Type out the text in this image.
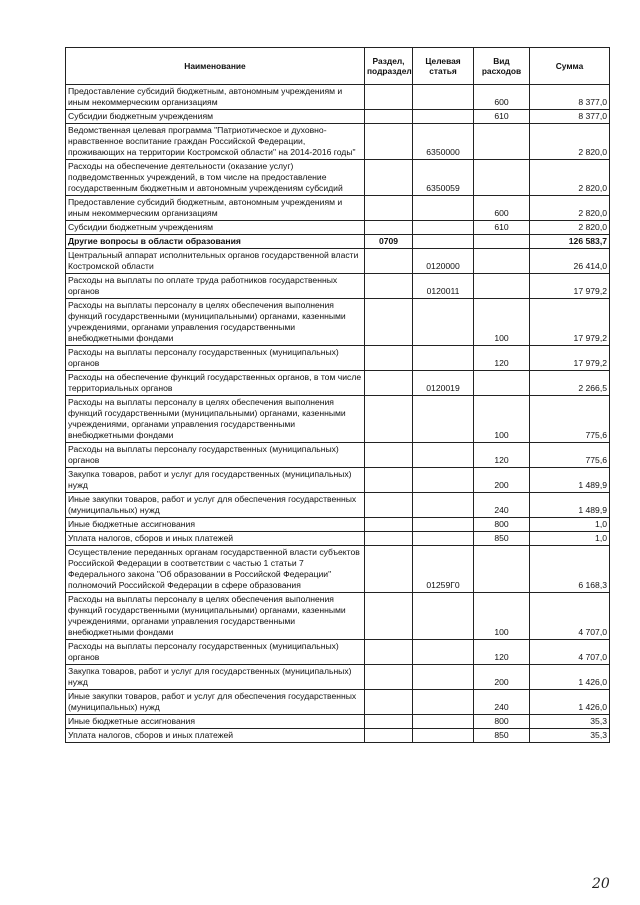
Наименование	Раздел, подраздел	Целевая статья	Вид расходов	Сумма
Предоставление субсидий бюджетным, автономным учреждениям и иным некоммерческим организациям			600	8 377,0
Субсидии бюджетным учреждениям			610	8 377,0
Ведомственная целевая программа "Патриотическое и духовно-нравственное воспитание граждан Российской Федерации, проживающих на территории Костромской области" на 2014-2016 годы"		6350000		2 820,0
Расходы на обеспечение деятельности (оказание услуг) подведомственных учреждений, в том числе на предоставление государственным бюджетным и автономным учреждениям субсидий		6350059		2 820,0
Предоставление субсидий бюджетным, автономным учреждениям и иным некоммерческим организациям			600	2 820,0
Субсидии бюджетным учреждениям			610	2 820,0
Другие вопросы в области образования	0709			126 583,7
Центральный аппарат исполнительных органов государственной власти Костромской области		0120000		26 414,0
Расходы на выплаты по оплате труда работников государственных органов		0120011		17 979,2
Расходы на выплаты персоналу в целях обеспечения выполнения функций государственными (муниципальными) органами, казенными учреждениями, органами управления государственными внебюджетными фондами			100	17 979,2
Расходы на выплаты персоналу государственных (муниципальных) органов			120	17 979,2
Расходы на обеспечение функций государственных органов, в том числе территориальных органов		0120019		2 266,5
Расходы на выплаты персоналу в целях обеспечения выполнения функций государственными (муниципальными) органами, казенными учреждениями, органами управления государственными внебюджетными фондами			100	775,6
Расходы на выплаты персоналу государственных (муниципальных) органов			120	775,6
Закупка товаров, работ и услуг для государственных (муниципальных) нужд			200	1 489,9
Иные закупки товаров, работ и услуг для обеспечения государственных (муниципальных) нужд			240	1 489,9
Иные бюджетные ассигнования			800	1,0
Уплата налогов, сборов и иных платежей			850	1,0
Осуществление переданных органам государственной власти субъектов Российской Федерации в соответствии с частью 1 статьи 7 Федерального закона "Об образовании в Российской Федерации" полномочий Российской Федерации в сфере образования		01259Г0		6 168,3
Расходы на выплаты персоналу в целях обеспечения выполнения функций государственными (муниципальными) органами, казенными учреждениями, органами управления государственными внебюджетными фондами			100	4 707,0
Расходы на выплаты персоналу государственных (муниципальных) органов			120	4 707,0
Закупка товаров, работ и услуг для государственных (муниципальных) нужд			200	1 426,0
Иные закупки товаров, работ и услуг для обеспечения государственных (муниципальных) нужд			240	1 426,0
Иные бюджетные ассигнования			800	35,3
Уплата налогов, сборов и иных платежей			850	35,3
20
